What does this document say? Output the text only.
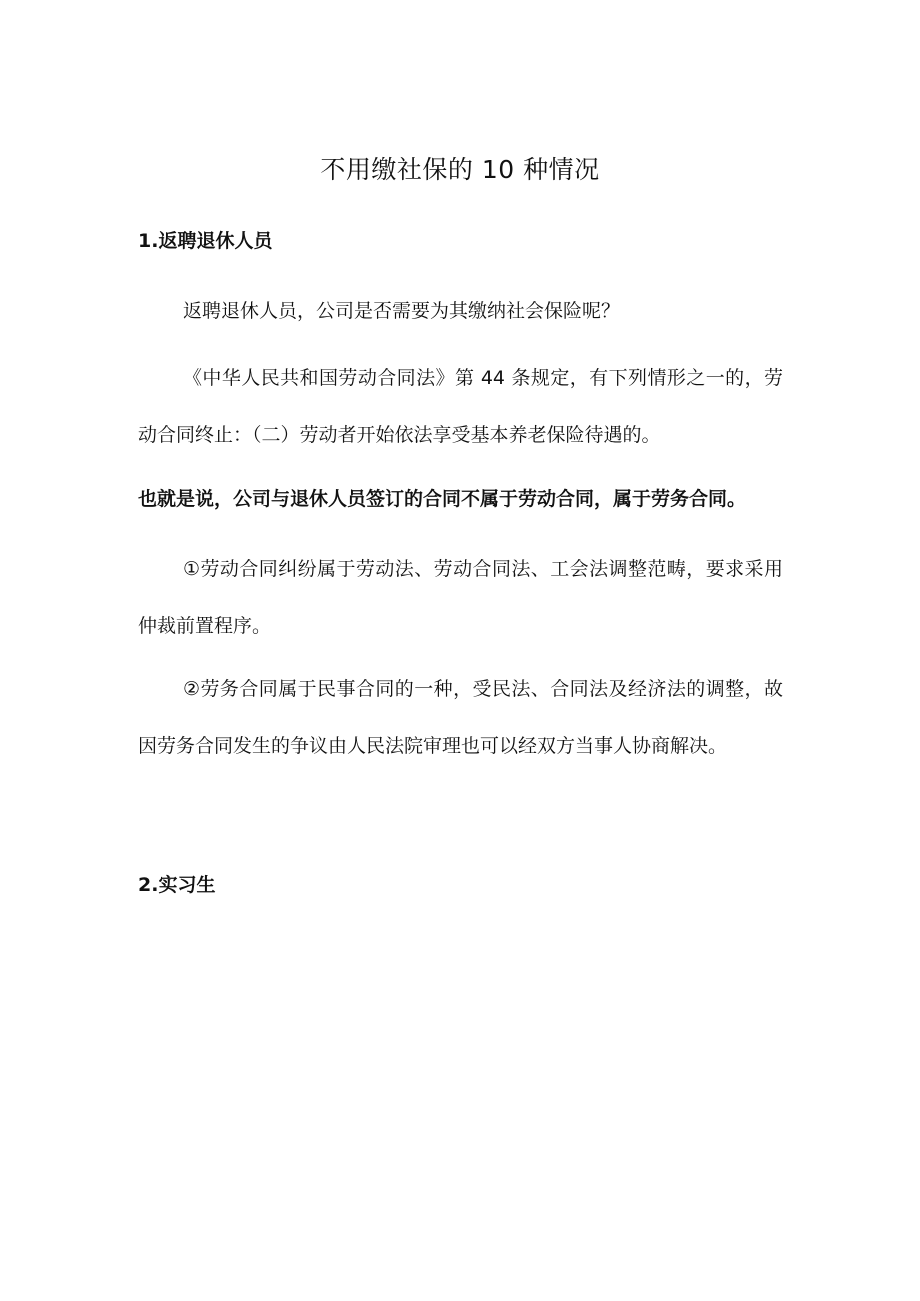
不用缴社保的 10 种情况
1.返聘退休人员

返聘退休人员，公司是否需要为其缴纳社会保险呢？

《中华人民共和国劳动合同法》第 44 条规定，有下列情形之一的，劳动合同终止：（二）劳动者开始依法享受基本养老保险待遇的。

也就是说，公司与退休人员签订的合同不属于劳动合同，属于劳务合同。

①劳动合同纠纷属于劳动法、劳动合同法、工会法调整范畴，要求采用仲裁前置程序。

②劳务合同属于民事合同的一种，受民法、合同法及经济法的调整，故因劳务合同发生的争议由人民法院审理也可以经双方当事人协商解决。

2.实习生
